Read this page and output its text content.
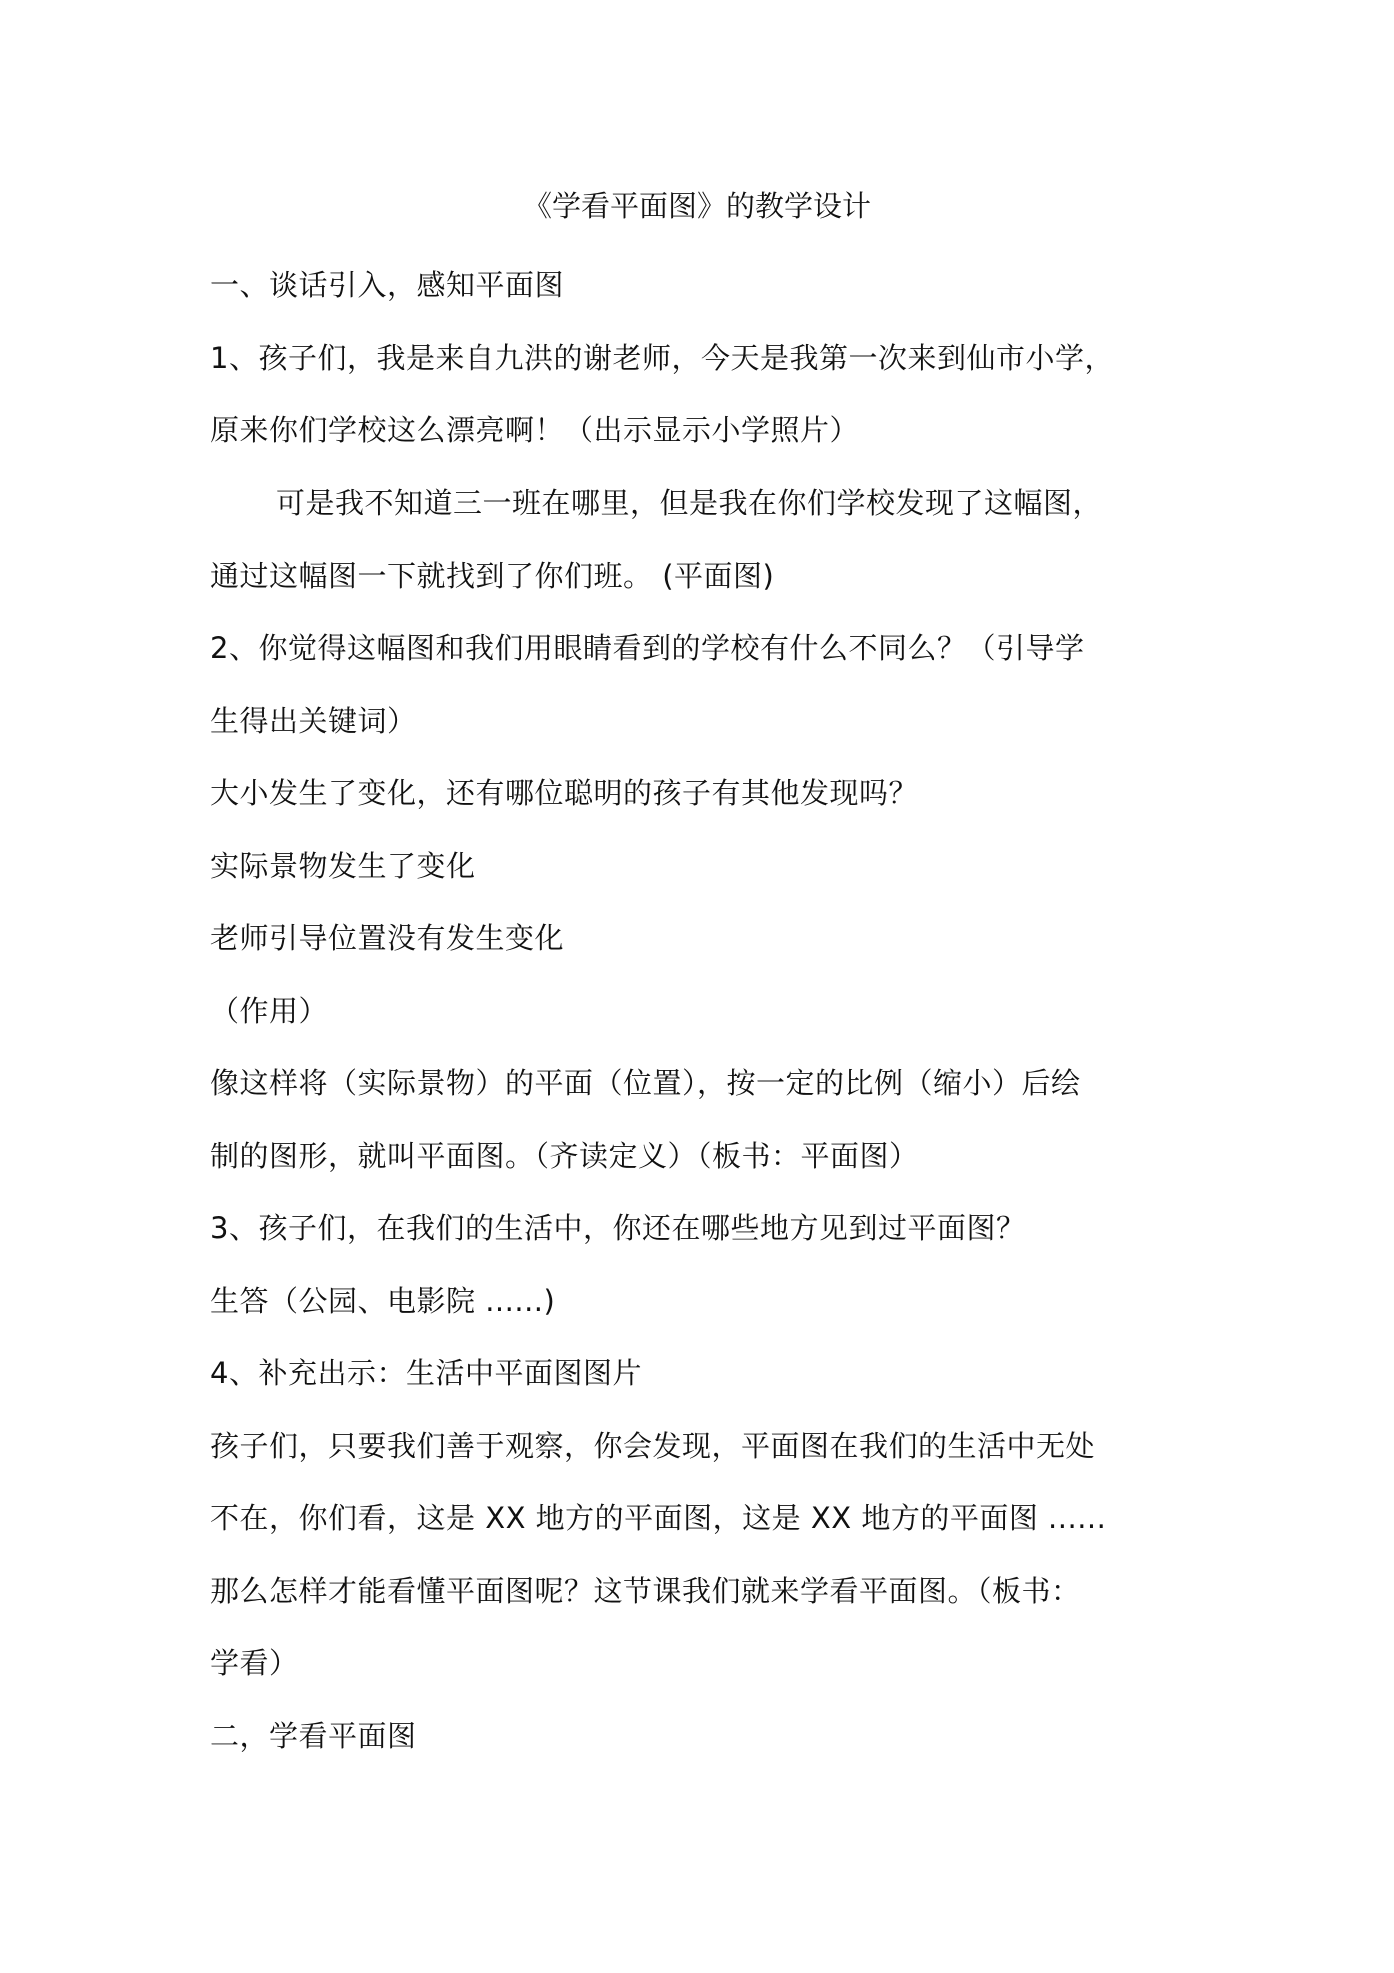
《学看平面图》的教学设计
一、谈话引入，感知平面图
1、孩子们，我是来自九洪的谢老师，今天是我第一次来到仙市小学，
原来你们学校这么漂亮啊！（出示显示小学照片）
可是我不知道三一班在哪里，但是我在你们学校发现了这幅图，
通过这幅图一下就找到了你们班。 (平面图)
2、你觉得这幅图和我们用眼睛看到的学校有什么不同么？（引导学
生得出关键词）
大小发生了变化，还有哪位聪明的孩子有其他发现吗？
实际景物发生了变化
老师引导位置没有发生变化
（作用）
像这样将（实际景物）的平面（位置），按一定的比例（缩小）后绘
制的图形，就叫平面图。（齐读定义）（板书：平面图）
3、孩子们，在我们的生活中，你还在哪些地方见到过平面图？
生答（公园、电影院 ......)
4、补充出示：生活中平面图图片
孩子们，只要我们善于观察，你会发现，平面图在我们的生活中无处
不在，你们看，这是 XX 地方的平面图，这是 XX 地方的平面图 ......
那么怎样才能看懂平面图呢？这节课我们就来学看平面图。（板书：
学看）
二，学看平面图
